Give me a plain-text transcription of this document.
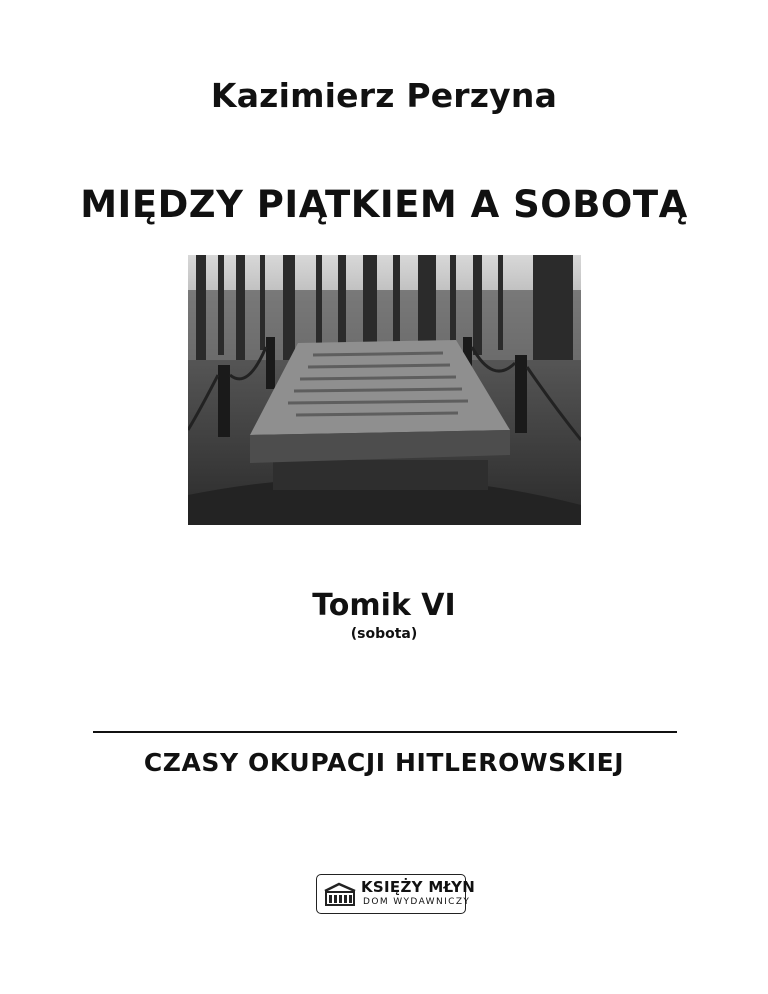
Kazimierz Perzyna
MIĘDZY PIĄTKIEM A SOBOTĄ
Tomik VI
(sobota)
CZASY OKUPACJI HITLEROWSKIEJ
KSIĘŻY MŁYN
DOM WYDAWNICZY
